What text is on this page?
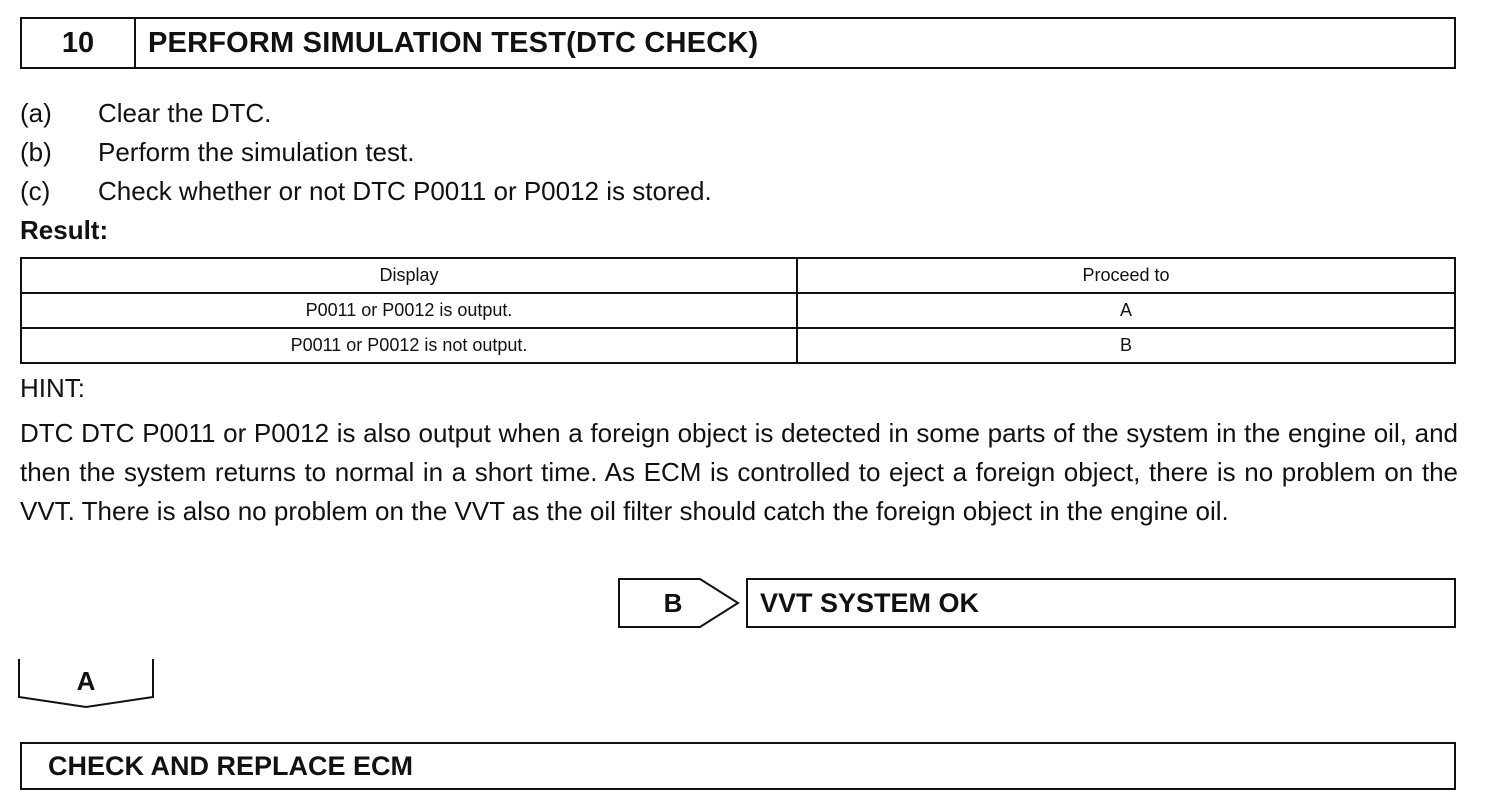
10	PERFORM SIMULATION TEST(DTC CHECK)
(a)	Clear the DTC.
(b)	Perform the simulation test.
(c)	Check whether or not DTC P0011 or P0012 is stored.
Result:
Display	Proceed to
P0011 or P0012 is output.	A
P0011 or P0012 is not output.	B
HINT:
DTC DTC P0011 or P0012 is also output when a foreign object is detected in some parts of the system in the engine oil, and then the system returns to normal in a short time. As ECM is controlled to eject a foreign object, there is no problem on the VVT. There is also no problem on the VVT as the oil filter should catch the foreign object in the engine oil.
B	VVT SYSTEM OK
A
CHECK AND REPLACE ECM
